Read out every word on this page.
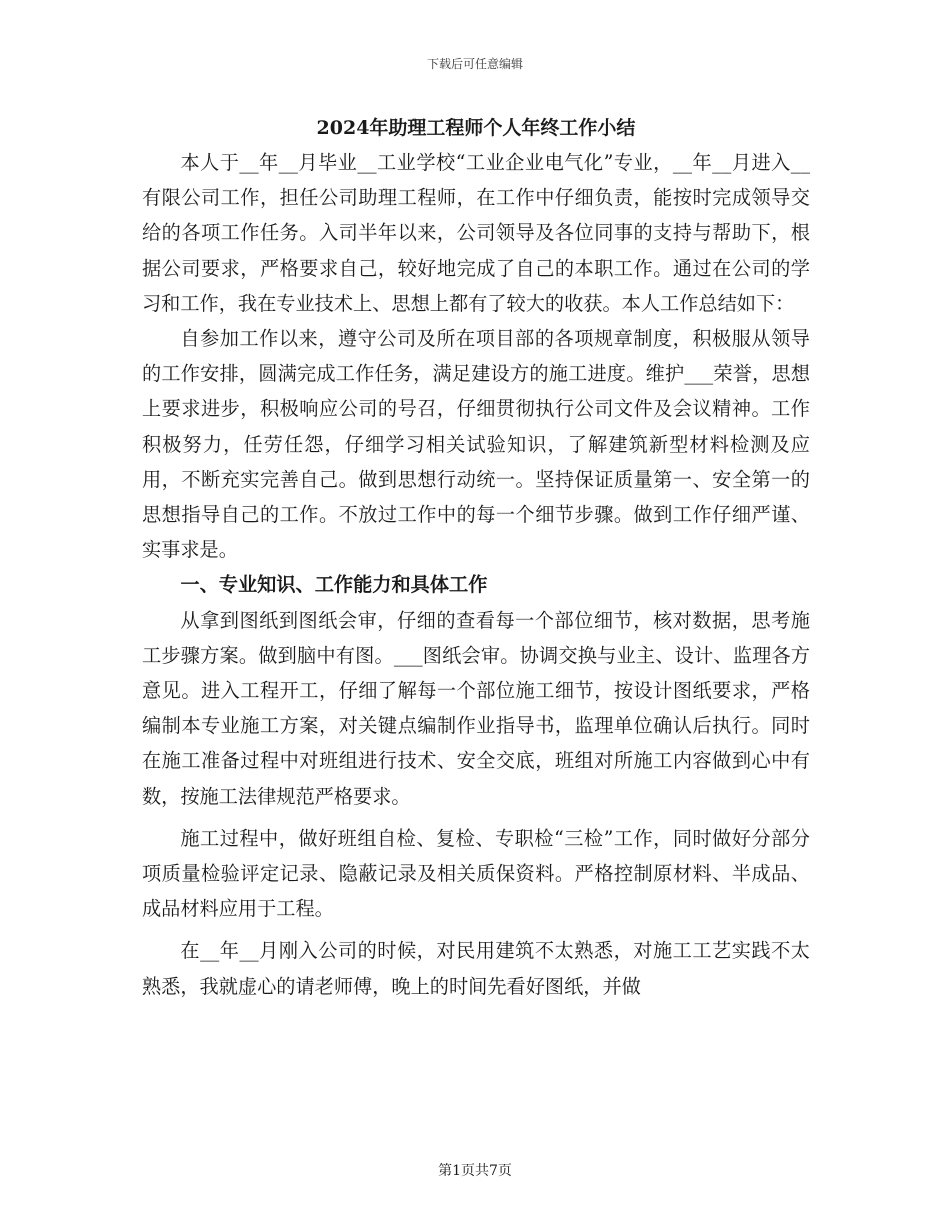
下载后可任意编辑
2024年助理工程师个人年终工作小结

本人于__年__月毕业__工业学校“工业企业电气化”专业，__年__月进入__有限公司工作，担任公司助理工程师，在工作中仔细负责，能按时完成领导交给的各项工作任务。入司半年以来，公司领导及各位同事的支持与帮助下，根据公司要求，严格要求自己，较好地完成了自己的本职工作。通过在公司的学习和工作，我在专业技术上、思想上都有了较大的收获。本人工作总结如下：

自参加工作以来，遵守公司及所在项目部的各项规章制度，积极服从领导的工作安排，圆满完成工作任务，满足建设方的施工进度。维护___荣誉，思想上要求进步，积极响应公司的号召，仔细贯彻执行公司文件及会议精神。工作积极努力，任劳任怨，仔细学习相关试验知识，了解建筑新型材料检测及应用，不断充实完善自己。做到思想行动统一。坚持保证质量第一、安全第一的思想指导自己的工作。不放过工作中的每一个细节步骤。做到工作仔细严谨、实事求是。

一、专业知识、工作能力和具体工作

从拿到图纸到图纸会审，仔细的查看每一个部位细节，核对数据，思考施工步骤方案。做到脑中有图。___图纸会审。协调交换与业主、设计、监理各方意见。进入工程开工，仔细了解每一个部位施工细节，按设计图纸要求，严格编制本专业施工方案，对关键点编制作业指导书，监理单位确认后执行。同时在施工准备过程中对班组进行技术、安全交底，班组对所施工内容做到心中有数，按施工法律规范严格要求。

施工过程中，做好班组自检、复检、专职检“三检”工作，同时做好分部分项质量检验评定记录、隐蔽记录及相关质保资料。严格控制原材料、半成品、成品材料应用于工程。

在__年__月刚入公司的时候，对民用建筑不太熟悉，对施工工艺实践不太熟悉，我就虚心的请老师傅，晚上的时间先看好图纸，并做

第1页共7页
